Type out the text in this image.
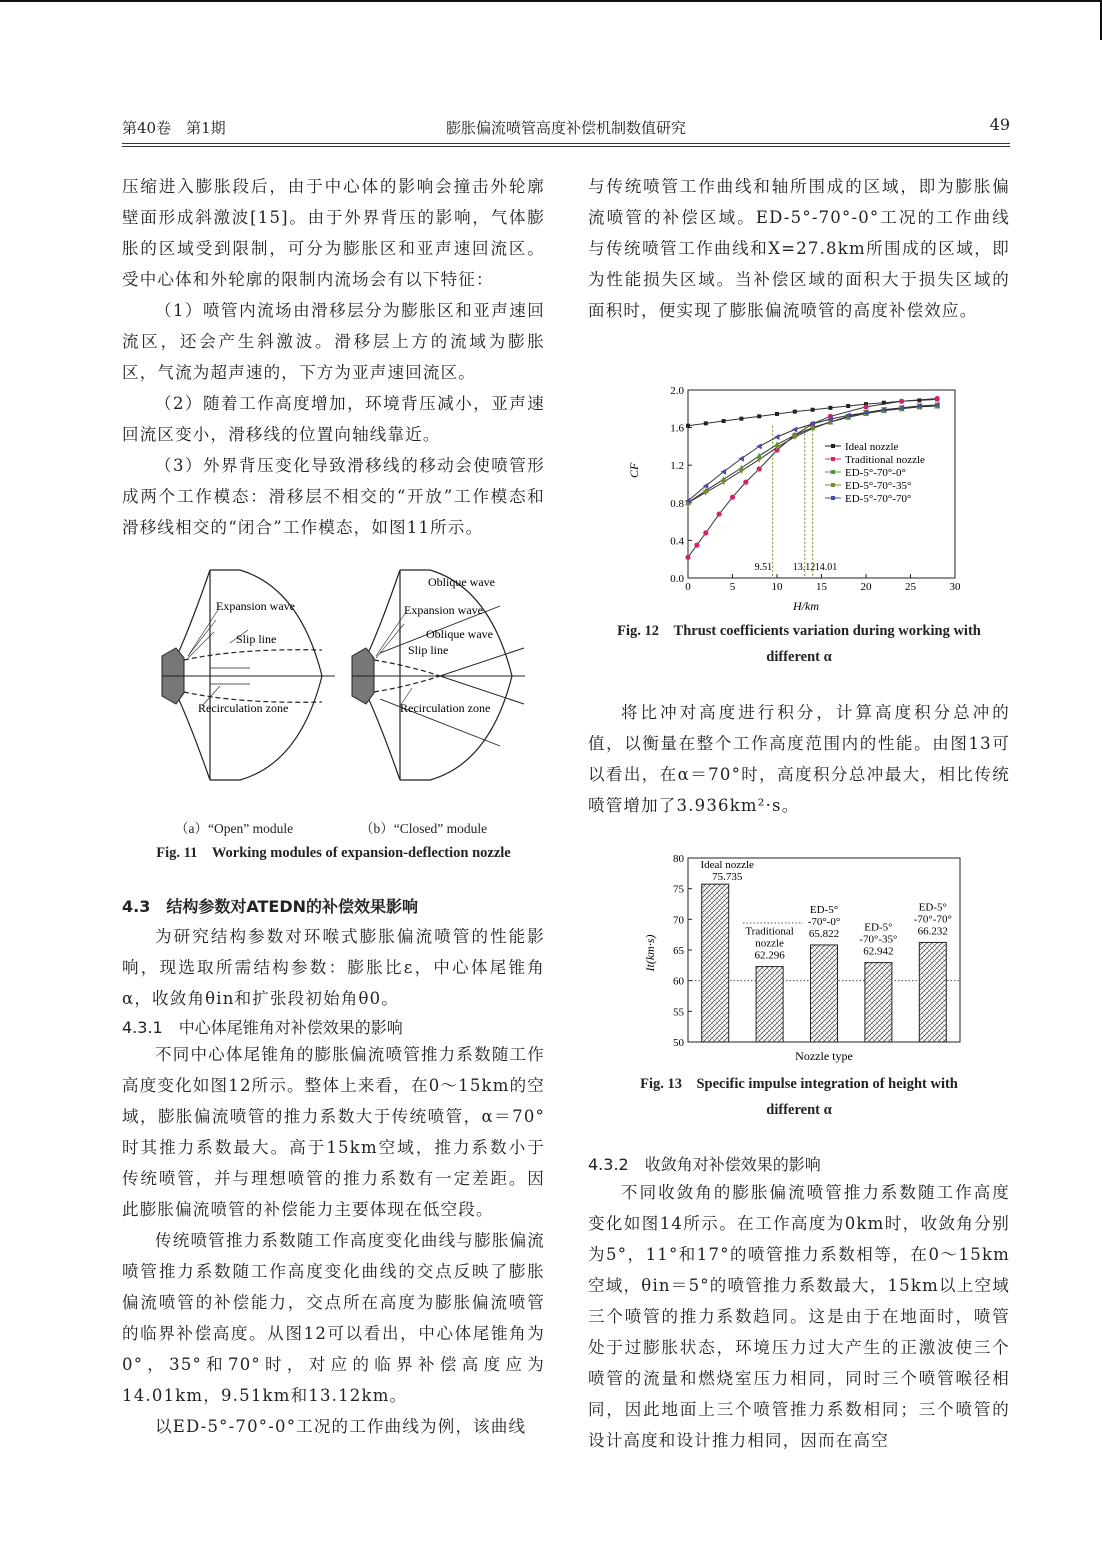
第40卷　第1期	膨胀偏流喷管高度补偿机制数值研究	49

压缩进入膨胀段后，由于中心体的影响会撞击外轮廓壁面形成斜激波[15]。由于外界背压的影响，气体膨胀的区域受到限制，可分为膨胀区和亚声速回流区。受中心体和外轮廓的限制内流场会有以下特征：

（1）喷管内流场由滑移层分为膨胀区和亚声速回流区，还会产生斜激波。滑移层上方的流域为膨胀区，气流为超声速的，下方为亚声速回流区。

（2）随着工作高度增加，环境背压减小，亚声速回流区变小，滑移线的位置向轴线靠近。

（3）外界背压变化导致滑移线的移动会使喷管形成两个工作模态：滑移层不相交的“开放”工作模态和滑移线相交的“闭合”工作模态，如图11所示。

Expansion wave
Slip line
Recirculation zone
Oblique wave
Expansion wave
Oblique wave
Slip line
Recirculation zone
（a）“Open” module	（b）“Closed” module
Fig. 11　Working modules of expansion-deflection nozzle
4.3　结构参数对ATEDN的补偿效果影响

为研究结构参数对环喉式膨胀偏流喷管的性能影响，现选取所需结构参数：膨胀比ε，中心体尾锥角α，收敛角θin和扩张段初始角θ0。

4.3.1　中心体尾锥角对补偿效果的影响

不同中心体尾锥角的膨胀偏流喷管推力系数随工作高度变化如图12所示。整体上来看，在0～15km的空域，膨胀偏流喷管的推力系数大于传统喷管，α＝70°时其推力系数最大。高于15km空域，推力系数小于传统喷管，并与理想喷管的推力系数有一定差距。因此膨胀偏流喷管的补偿能力主要体现在低空段。

传统喷管推力系数随工作高度变化曲线与膨胀偏流喷管推力系数随工作高度变化曲线的交点反映了膨胀偏流喷管的补偿能力，交点所在高度为膨胀偏流喷管的临界补偿高度。从图12可以看出，中心体尾锥角为0°，35°和70°时，对应的临界补偿高度应为14.01km，9.51km和13.12km。

以ED-5°-70°-0°工况的工作曲线为例，该曲线

与传统喷管工作曲线和轴所围成的区域，即为膨胀偏流喷管的补偿区域。ED-5°-70°-0°工况的工作曲线与传统喷管工作曲线和X=27.8km所围成的区域，即为性能损失区域。当补偿区域的面积大于损失区域的面积时，便实现了膨胀偏流喷管的高度补偿效应。

0	5	10	15	20	25	30
0.0
0.4
0.8
1.2
1.6
2.0
9.51 13.12 14.01
Ideal nozzle
Traditional nozzle
ED-5°-70°-0°
ED-5°-70°-35°
ED-5°-70°-70°
CF
H/km
Fig. 12　Thrust coefficients variation during working with
different α

将比冲对高度进行积分，计算高度积分总冲的值，以衡量在整个工作高度范围内的性能。由图13可以看出，在α＝70°时，高度积分总冲最大，相比传统喷管增加了3.936km²·s。

50
55
60
65
70
75
80
Ideal nozzle
75.735
Traditional
nozzle
62.296
ED-5°
-70°-0°
65.822
ED-5°
-70°-35°
62.942
ED-5°
-70°-70°
66.232
It(km·s)
Nozzle type
Fig. 13　Specific impulse integration of height with
different α
4.3.2　收敛角对补偿效果的影响

不同收敛角的膨胀偏流喷管推力系数随工作高度变化如图14所示。在工作高度为0km时，收敛角分别为5°，11°和17°的喷管推力系数相等，在0～15km空域，θin＝5°的喷管推力系数最大，15km以上空域三个喷管的推力系数趋同。这是由于在地面时，喷管处于过膨胀状态，环境压力过大产生的正激波使三个喷管的流量和燃烧室压力相同，同时三个喷管喉径相同，因此地面上三个喷管推力系数相同；三个喷管的设计高度和设计推力相同，因而在高空
